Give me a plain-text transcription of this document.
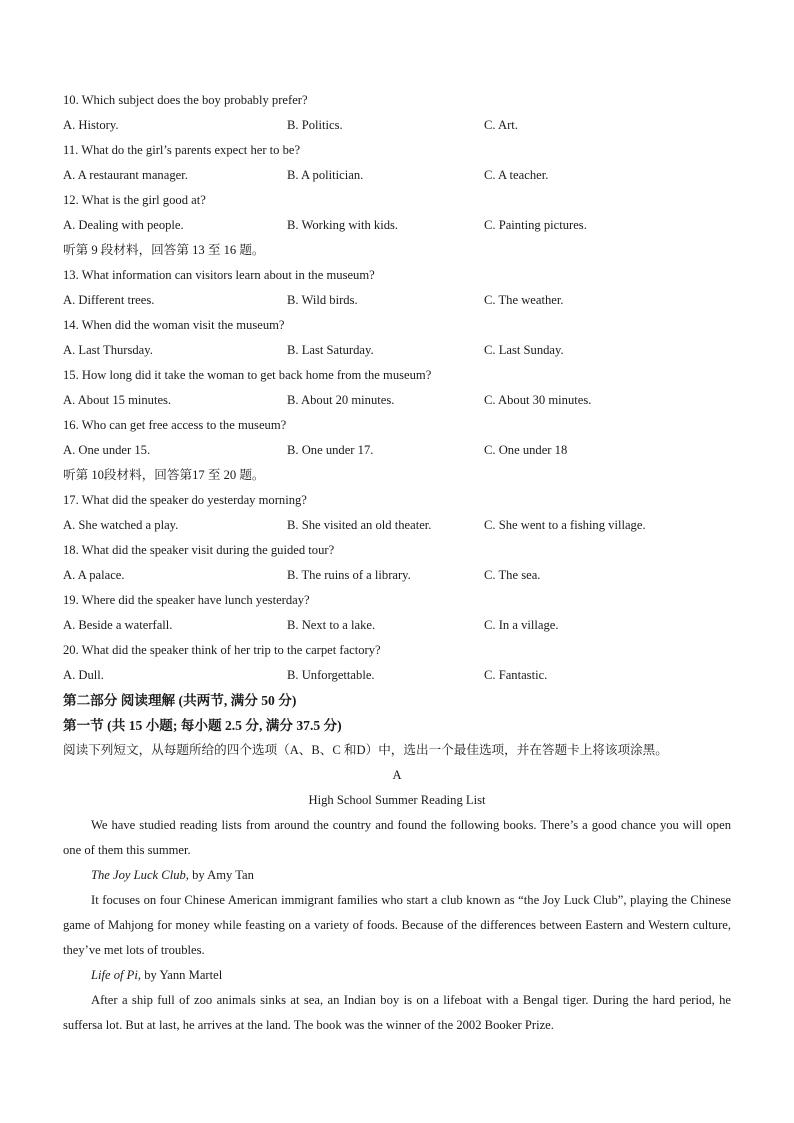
10. Which subject does the boy probably prefer?
A. History.	B. Politics.	C. Art.
11. What do the girl’s parents expect her to be?
A. A restaurant manager.	B. A politician.	C. A teacher.
12. What is the girl good at?
A. Dealing with people.	B. Working with kids.	C. Painting pictures.
听第 9 段材料，回答第 13 至 16 题。
13. What information can visitors learn about in the museum?
A. Different trees.	B. Wild birds.	C. The weather.
14. When did the woman visit the museum?
A. Last Thursday.	B. Last Saturday.	C. Last Sunday.
15. How long did it take the woman to get back home from the museum?
A. About 15 minutes.	B. About 20 minutes.	C. About 30 minutes.
16. Who can get free access to the museum?
A. One under 15.	B. One under 17.	C. One under 18
听第 10段材料，回答第17 至 20 题。
17. What did the speaker do yesterday morning?
A. She watched a play.	B. She visited an old theater.	C. She went to a fishing village.
18. What did the speaker visit during the guided tour?
A. A palace.	B. The ruins of a library.	C. The sea.
19. Where did the speaker have lunch yesterday?
A. Beside a waterfall.	B. Next to a lake.	C. In a village.
20. What did the speaker think of her trip to the carpet factory?
A. Dull.	B. Unforgettable.	C. Fantastic.
第二部分 阅读理解 (共两节, 满分 50 分)
第一节 (共 15 小题; 每小题 2.5 分, 满分 37.5 分)
阅读下列短文，从每题所给的四个选项（A、B、C 和D）中，选出一个最佳选项，并在答题卡上将该项涂黑。
A
High School Summer Reading List
We have studied reading lists from around the country and found the following books. There’s a good chance you will open one of them this summer.
The Joy Luck Club, by Amy Tan
It focuses on four Chinese American immigrant families who start a club known as “the Joy Luck Club”, playing the Chinese game of Mahjong for money while feasting on a variety of foods. Because of the differences between Eastern and Western culture, they’ve met lots of troubles.
Life of Pi, by Yann Martel
After a ship full of zoo animals sinks at sea, an Indian boy is on a lifeboat with a Bengal tiger. During the hard period, he suffersa lot. But at last, he arrives at the land. The book was the winner of the 2002 Booker Prize.
